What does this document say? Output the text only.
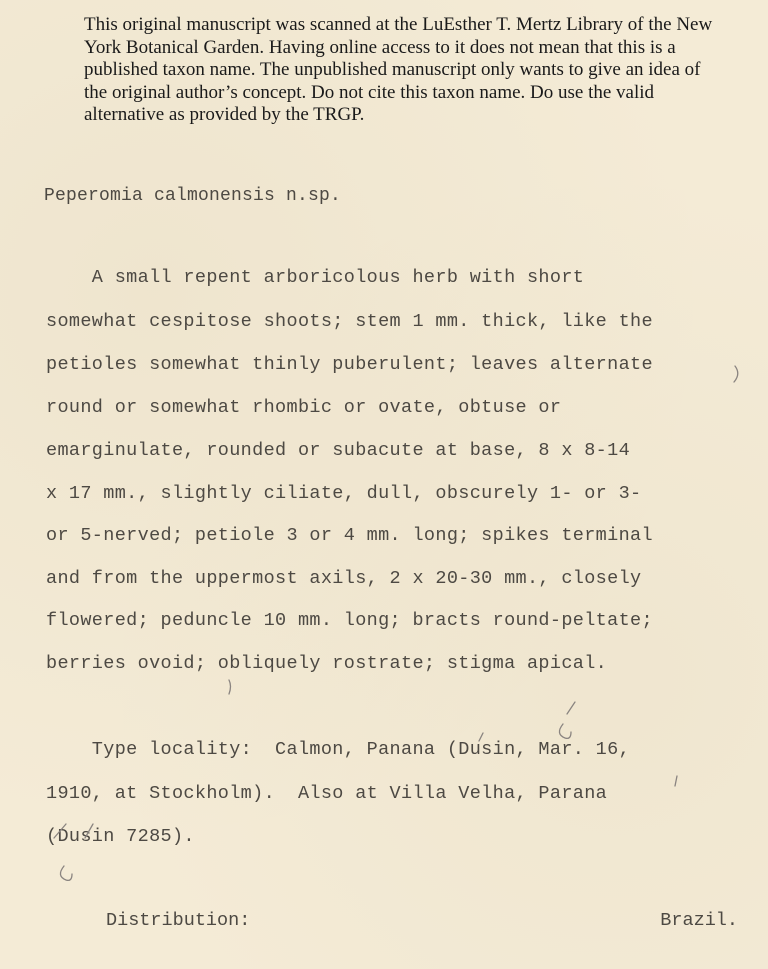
This original manuscript was scanned at the LuEsther T. Mertz Library of the New York Botanical Garden. Having online access to it does not mean that this is a published taxon name. The unpublished manuscript only wants to give an idea of the original author’s concept. Do not cite this taxon name. Do use the valid alternative as provided by the TRGP.
Peperomia calmonensis n.sp.
A small repent arboricolous herb with short
somewhat cespitose shoots; stem 1 mm. thick, like the
petioles somewhat thinly puberulent; leaves alternate
round or somewhat rhombic or ovate, obtuse or
emarginulate, rounded or subacute at base, 8 x 8-14
x 17 mm., slightly ciliate, dull, obscurely 1- or 3-
or 5-nerved; petiole 3 or 4 mm. long; spikes terminal
and from the uppermost axils, 2 x 20-30 mm., closely
flowered; peduncle 10 mm. long; bracts round-peltate;
berries ovoid; obliquely rostrate; stigma apical.
Type locality:  Calmon, Panana (Dusin, Mar. 16,
1910, at Stockholm).  Also at Villa Velha, Parana
(Dusin 7285).
Distribution:	Brazil.
